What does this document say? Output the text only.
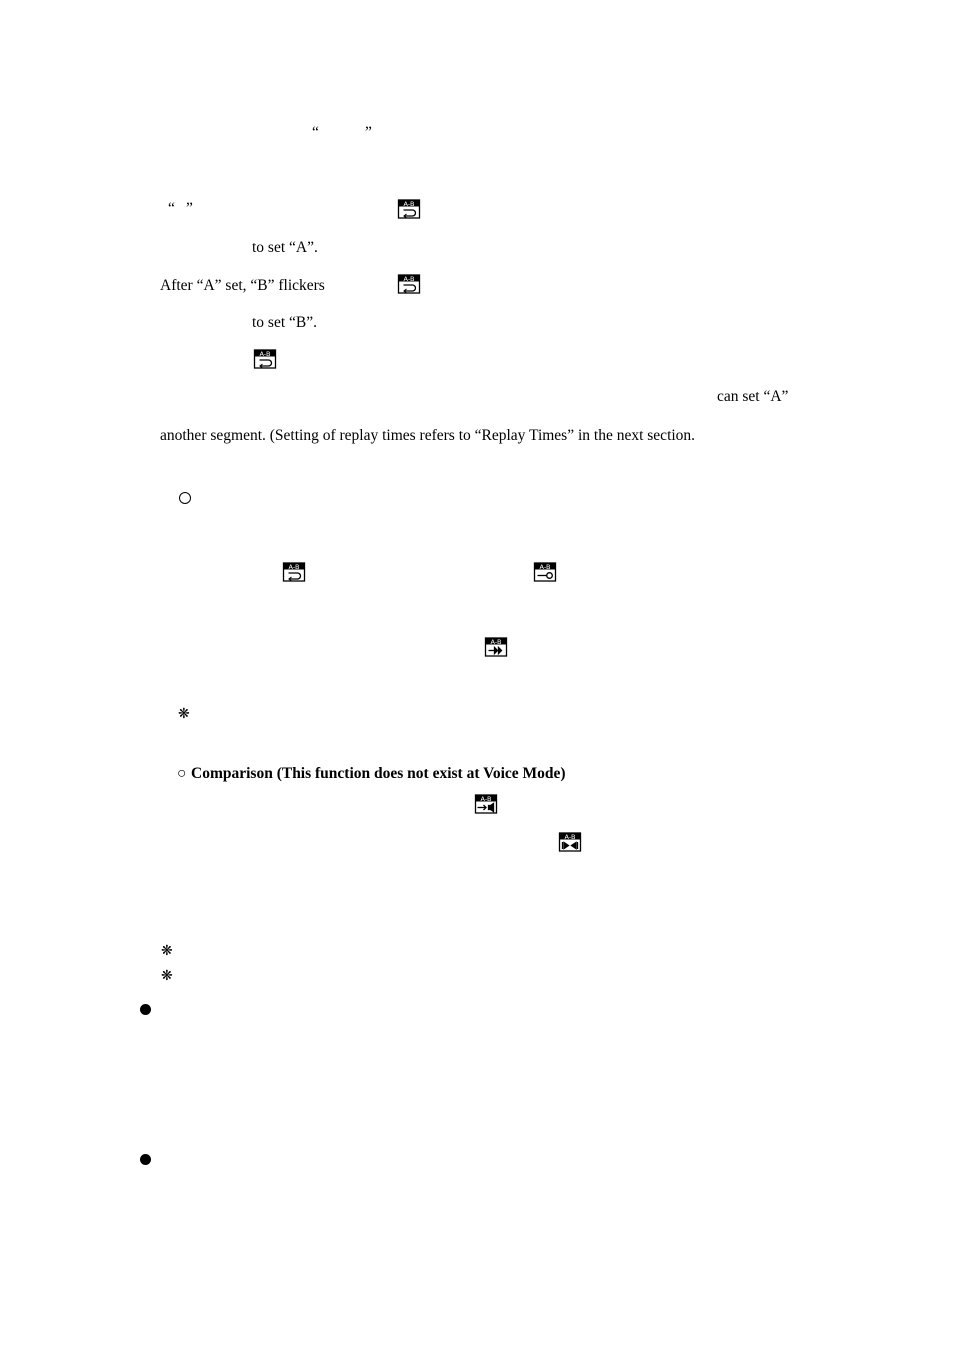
“	”
“ ”	A-B
to set “A”.
After “A” set, “B” flickers	A-B
to set “B”.
A-B
can set “A”
another segment. (Setting of replay times refers to “Replay Times” in the next section.
A-B	A-B
A-B
❋
○ Comparison (This function does not exist at Voice Mode)
A-B
A-B
❋
❋
